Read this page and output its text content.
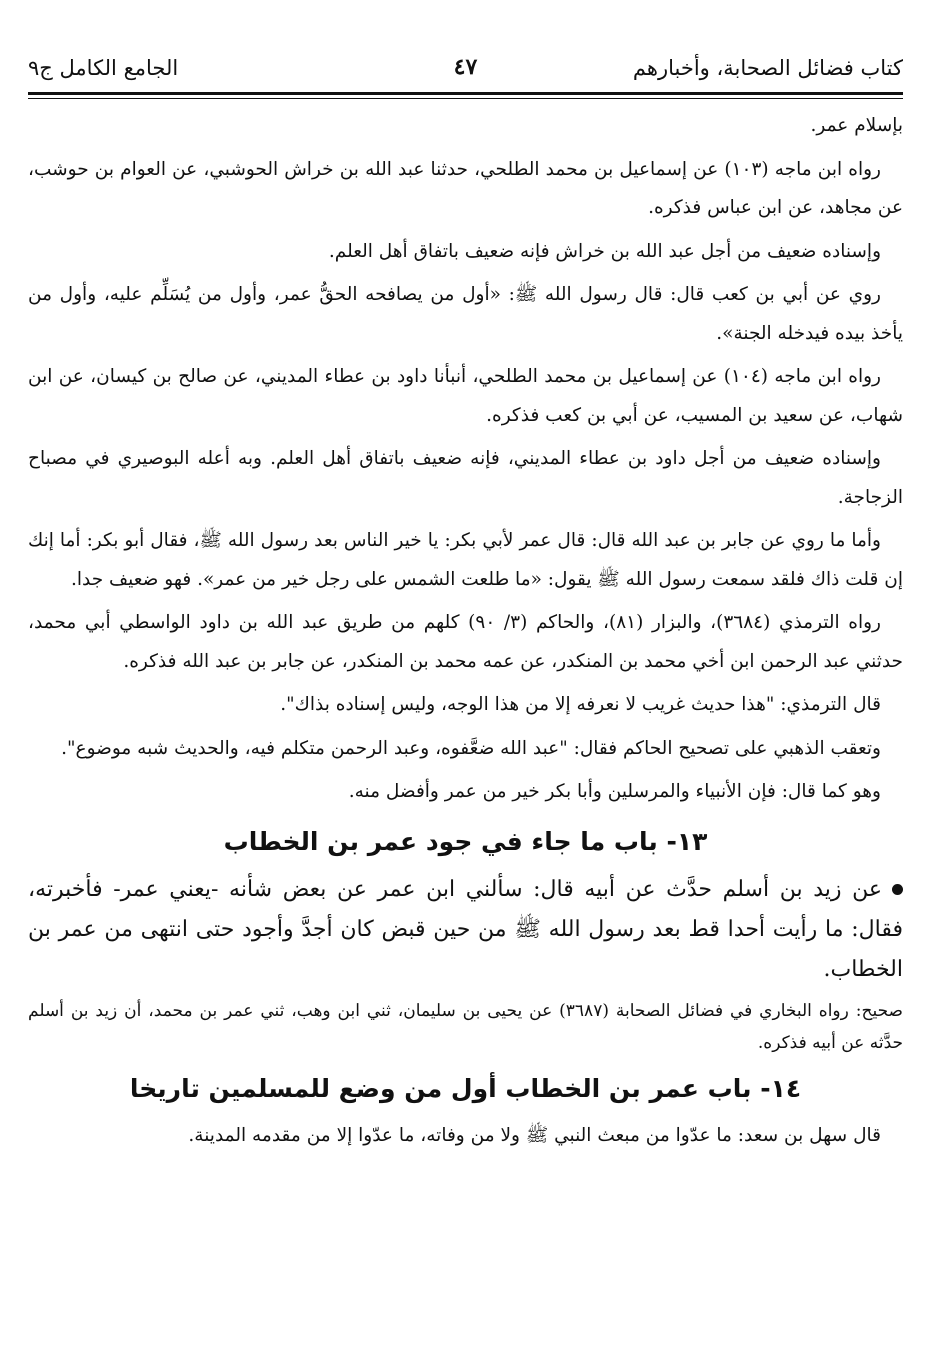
كتاب فضائل الصحابة، وأخبارهم
٤٧
الجامع الكامل ج٩

بإسلام عمر.

رواه ابن ماجه (١٠٣) عن إسماعيل بن محمد الطلحي، حدثنا عبد الله بن خراش الحوشبي، عن العوام بن حوشب، عن مجاهد، عن ابن عباس فذكره.

وإسناده ضعيف من أجل عبد الله بن خراش فإنه ضعيف باتفاق أهل العلم.

روي عن أبي بن كعب قال: قال رسول الله ﷺ: «أول من يصافحه الحقُّ عمر، وأول من يُسَلِّم عليه، وأول من يأخذ بيده فيدخله الجنة».

رواه ابن ماجه (١٠٤) عن إسماعيل بن محمد الطلحي، أنبأنا داود بن عطاء المديني، عن صالح بن كيسان، عن ابن شهاب، عن سعيد بن المسيب، عن أبي بن كعب فذكره.

وإسناده ضعيف من أجل داود بن عطاء المديني، فإنه ضعيف باتفاق أهل العلم. وبه أعله البوصيري في مصباح الزجاجة.

وأما ما روي عن جابر بن عبد الله قال: قال عمر لأبي بكر: يا خير الناس بعد رسول الله ﷺ، فقال أبو بكر: أما إنك إن قلت ذاك فلقد سمعت رسول الله ﷺ يقول: «ما طلعت الشمس على رجل خير من عمر». فهو ضعيف جدا.

رواه الترمذي (٣٦٨٤)، والبزار (٨١)، والحاكم (٣/ ٩٠) كلهم من طريق عبد الله بن داود الواسطي أبي محمد، حدثني عبد الرحمن ابن أخي محمد بن المنكدر، عن عمه محمد بن المنكدر، عن جابر بن عبد الله فذكره.

قال الترمذي: "هذا حديث غريب لا نعرفه إلا من هذا الوجه، وليس إسناده بذاك".

وتعقب الذهبي على تصحيح الحاكم فقال: "عبد الله ضعَّفوه، وعبد الرحمن متكلم فيه، والحديث شبه موضوع".

وهو كما قال: فإن الأنبياء والمرسلين وأبا بكر خير من عمر وأفضل منه.

١٣- باب ما جاء في جود عمر بن الخطاب

عن زيد بن أسلم حدَّث عن أبيه قال: سألني ابن عمر عن بعض شأنه -يعني عمر- فأخبرته، فقال: ما رأيت أحدا قط بعد رسول الله ﷺ من حين قبض كان أجدَّ وأجود حتى انتهى من عمر بن الخطاب.

صحيح: رواه البخاري في فضائل الصحابة (٣٦٨٧) عن يحيى بن سليمان، ثني ابن وهب، ثني عمر بن محمد، أن زيد بن أسلم حدَّثه عن أبيه فذكره.

١٤- باب عمر بن الخطاب أول من وضع للمسلمين تاريخا

قال سهل بن سعد: ما عدّوا من مبعث النبي ﷺ ولا من وفاته، ما عدّوا إلا من مقدمه المدينة.
